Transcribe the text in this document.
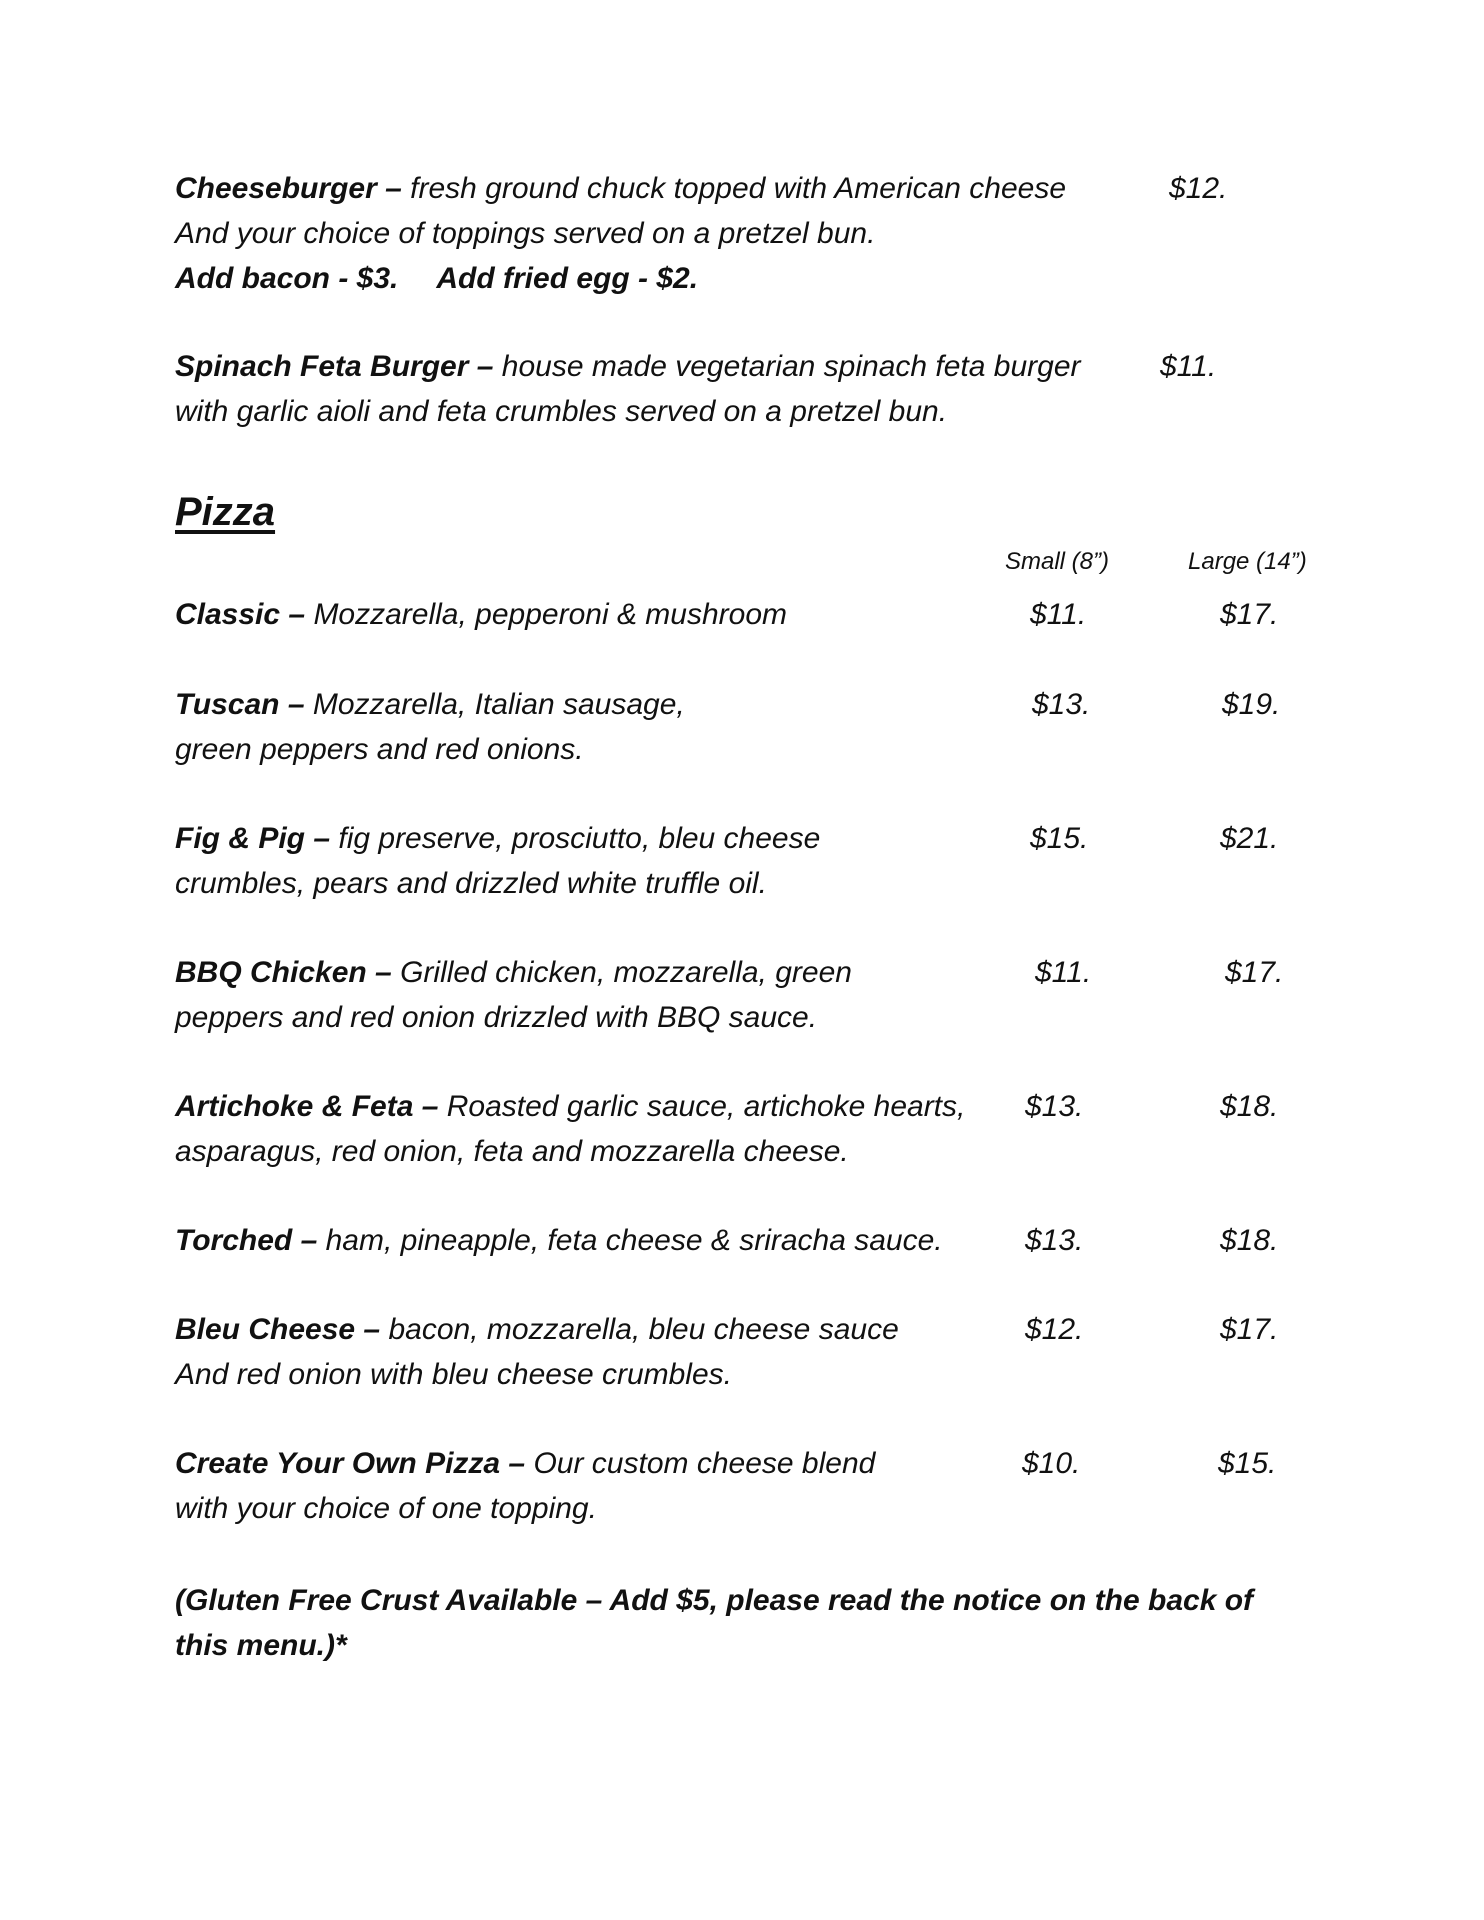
Cheeseburger – fresh ground chuck topped with American cheese
And your choice of toppings served on a pretzel bun.
Add bacon - $3. Add fried egg - $2.
$12.
Spinach Feta Burger – house made vegetarian spinach feta burger
with garlic aioli and feta crumbles served on a pretzel bun.
$11.
Pizza
Small (8”)	Large (14”)
Classic – Mozzarella, pepperoni & mushroom	$11.	$17.
Tuscan – Mozzarella, Italian sausage,
green peppers and red onions.
$13.	$19.
Fig & Pig – fig preserve, prosciutto, bleu cheese
crumbles, pears and drizzled white truffle oil.
$15.	$21.
BBQ Chicken – Grilled chicken, mozzarella, green
peppers and red onion drizzled with BBQ sauce.
$11.	$17.
Artichoke & Feta – Roasted garlic sauce, artichoke hearts,
asparagus, red onion, feta and mozzarella cheese.
$13.	$18.
Torched – ham, pineapple, feta cheese & sriracha sauce.	$13.	$18.
Bleu Cheese – bacon, mozzarella, bleu cheese sauce
And red onion with bleu cheese crumbles.
$12.	$17.
Create Your Own Pizza – Our custom cheese blend
with your choice of one topping.
$10.	$15.
(Gluten Free Crust Available – Add $5, please read the notice on the back of this menu.)*
